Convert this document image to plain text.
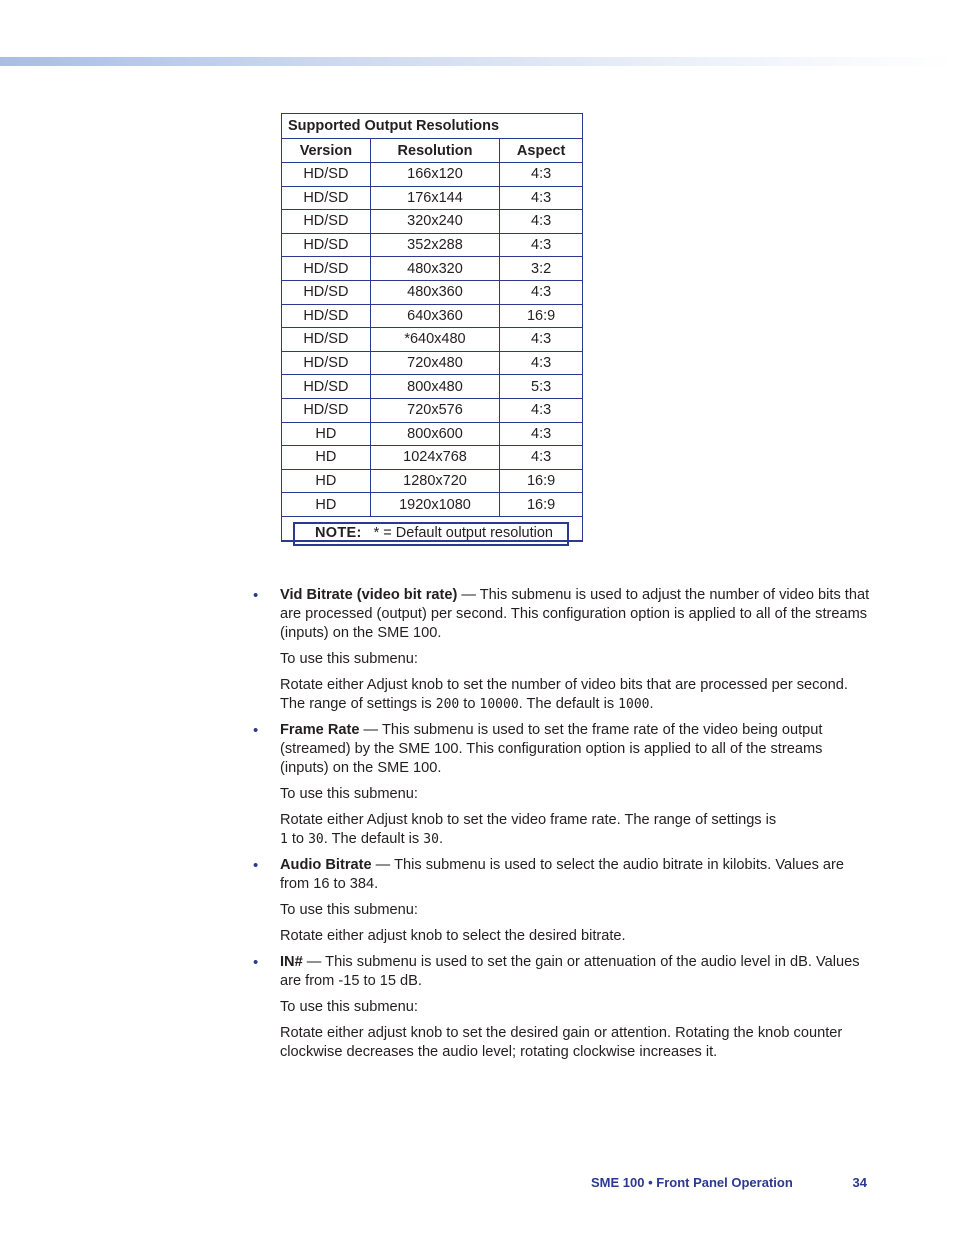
Supported Output Resolutions		
Version	Resolution	Aspect
HD/SD	166x120	4:3
HD/SD	176x144	4:3
HD/SD	320x240	4:3
HD/SD	352x288	4:3
HD/SD	480x320	3:2
HD/SD	480x360	4:3
HD/SD	640x360	16:9
HD/SD	*640x480	4:3
HD/SD	720x480	4:3
HD/SD	800x480	5:3
HD/SD	720x576	4:3
HD	800x600	4:3
HD	1024x768	4:3
HD	1280x720	16:9
HD	1920x1080	16:9

NOTE: * = Default output resolution		
• Vid Bitrate (video bit rate) — This submenu is used to adjust the number of video bits that are processed (output) per second. This configuration option is applied to all of the streams (inputs) on the SME 100.

To use this submenu:

Rotate either Adjust knob to set the number of video bits that are processed per second. The range of settings is 200 to 10000. The default is 1000.

• Frame Rate — This submenu is used to set the frame rate of the video being output (streamed) by the SME 100. This configuration option is applied to all of the streams (inputs) on the SME 100.

To use this submenu:

Rotate either Adjust knob to set the video frame rate. The range of settings is
1 to 30. The default is 30.

• Audio Bitrate — This submenu is used to select the audio bitrate in kilobits. Values are from 16 to 384.

To use this submenu:

Rotate either adjust knob to select the desired bitrate.

• IN# — This submenu is used to set the gain or attenuation of the audio level in dB. Values are from -15 to 15 dB.

To use this submenu:

Rotate either adjust knob to set the desired gain or attention. Rotating the knob counter clockwise decreases the audio level; rotating clockwise increases it.

SME 100 • Front Panel Operation	34
